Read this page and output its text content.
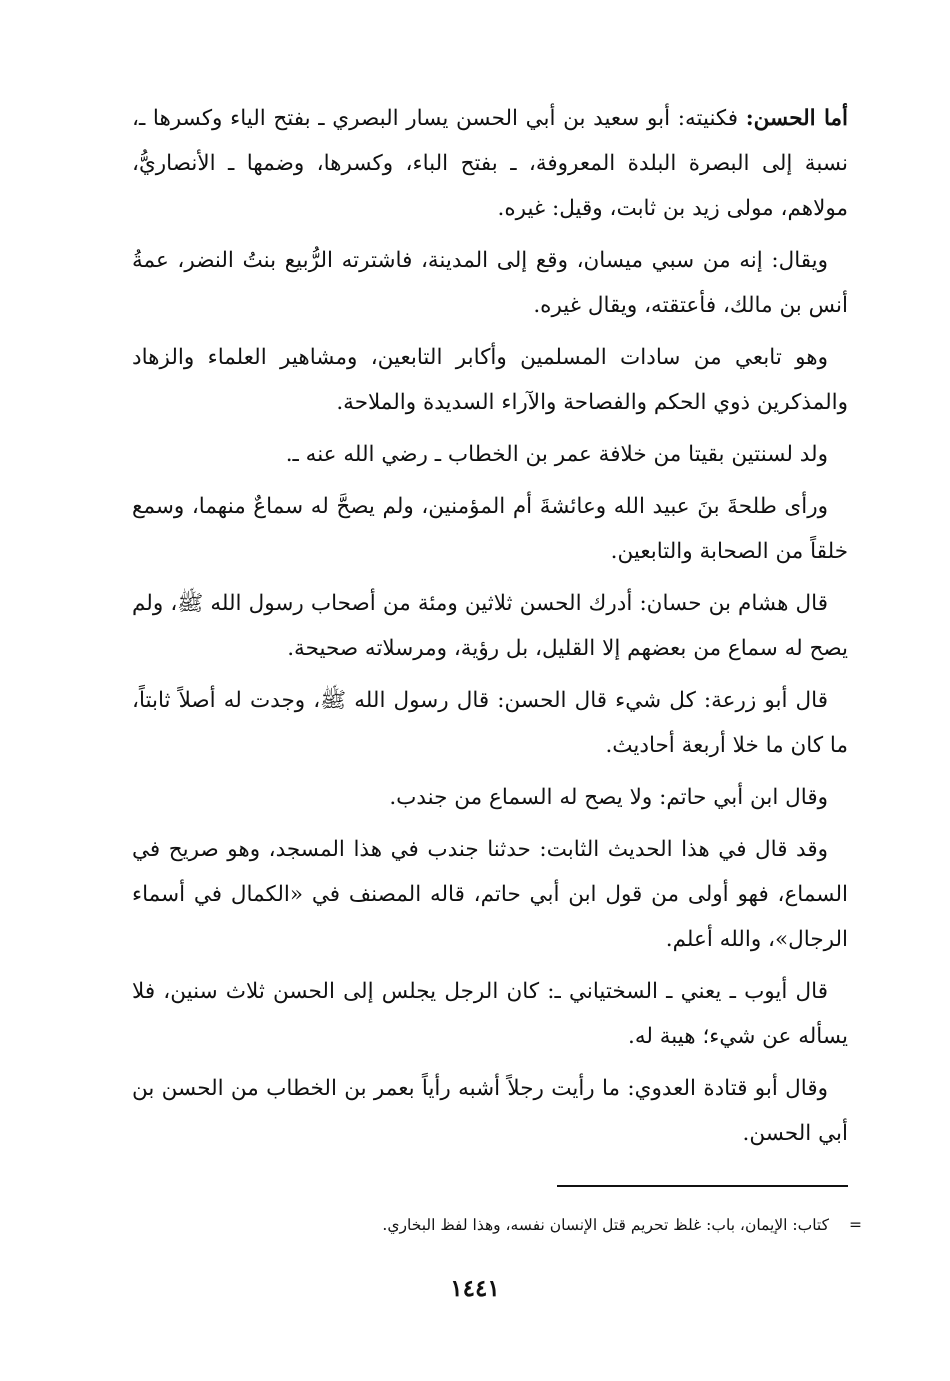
أما الحسن: فكنيته: أبو سعيد بن أبي الحسن يسار البصري ـ بفتح الياء وكسرها ـ، نسبة إلى البصرة البلدة المعروفة، ـ بفتح الباء، وكسرها، وضمها ـ الأنصاريُّ، مولاهم، مولى زيد بن ثابت، وقيل: غيره.

ويقال: إنه من سبي ميسان، وقع إلى المدينة، فاشترته الرُّبيع بنتُ النضر، عمةُ أنس بن مالك، فأعتقته، ويقال غيره.

وهو تابعي من سادات المسلمين وأكابر التابعين، ومشاهير العلماء والزهاد والمذكرين ذوي الحكم والفصاحة والآراء السديدة والملاحة.

ولد لسنتين بقيتا من خلافة عمر بن الخطاب ـ رضي الله عنه ـ.

ورأى طلحةَ بنَ عبيد الله وعائشةَ أم المؤمنين، ولم يصحَّ له سماعٌ منهما، وسمع خلقاً من الصحابة والتابعين.

قال هشام بن حسان: أدرك الحسن ثلاثين ومئة من أصحاب رسول الله ﷺ، ولم يصح له سماع من بعضهم إلا القليل، بل رؤية، ومرسلاته صحيحة.

قال أبو زرعة: كل شيء قال الحسن: قال رسول الله ﷺ، وجدت له أصلاً ثابتاً، ما كان ما خلا أربعة أحاديث.

وقال ابن أبي حاتم: ولا يصح له السماع من جندب.

وقد قال في هذا الحديث الثابت: حدثنا جندب في هذا المسجد، وهو صريح في السماع، فهو أولى من قول ابن أبي حاتم، قاله المصنف في «الكمال في أسماء الرجال»، والله أعلم.

قال أيوب ـ يعني ـ السختياني ـ: كان الرجل يجلس إلى الحسن ثلاث سنين، فلا يسأله عن شيء؛ هيبة له.

وقال أبو قتادة العدوي: ما رأيت رجلاً أشبه رأياً بعمر بن الخطاب من الحسن بن أبي الحسن.

=كتاب: الإيمان، باب: غلظ تحريم قتل الإنسان نفسه، وهذا لفظ البخاري.
١٤٤١
